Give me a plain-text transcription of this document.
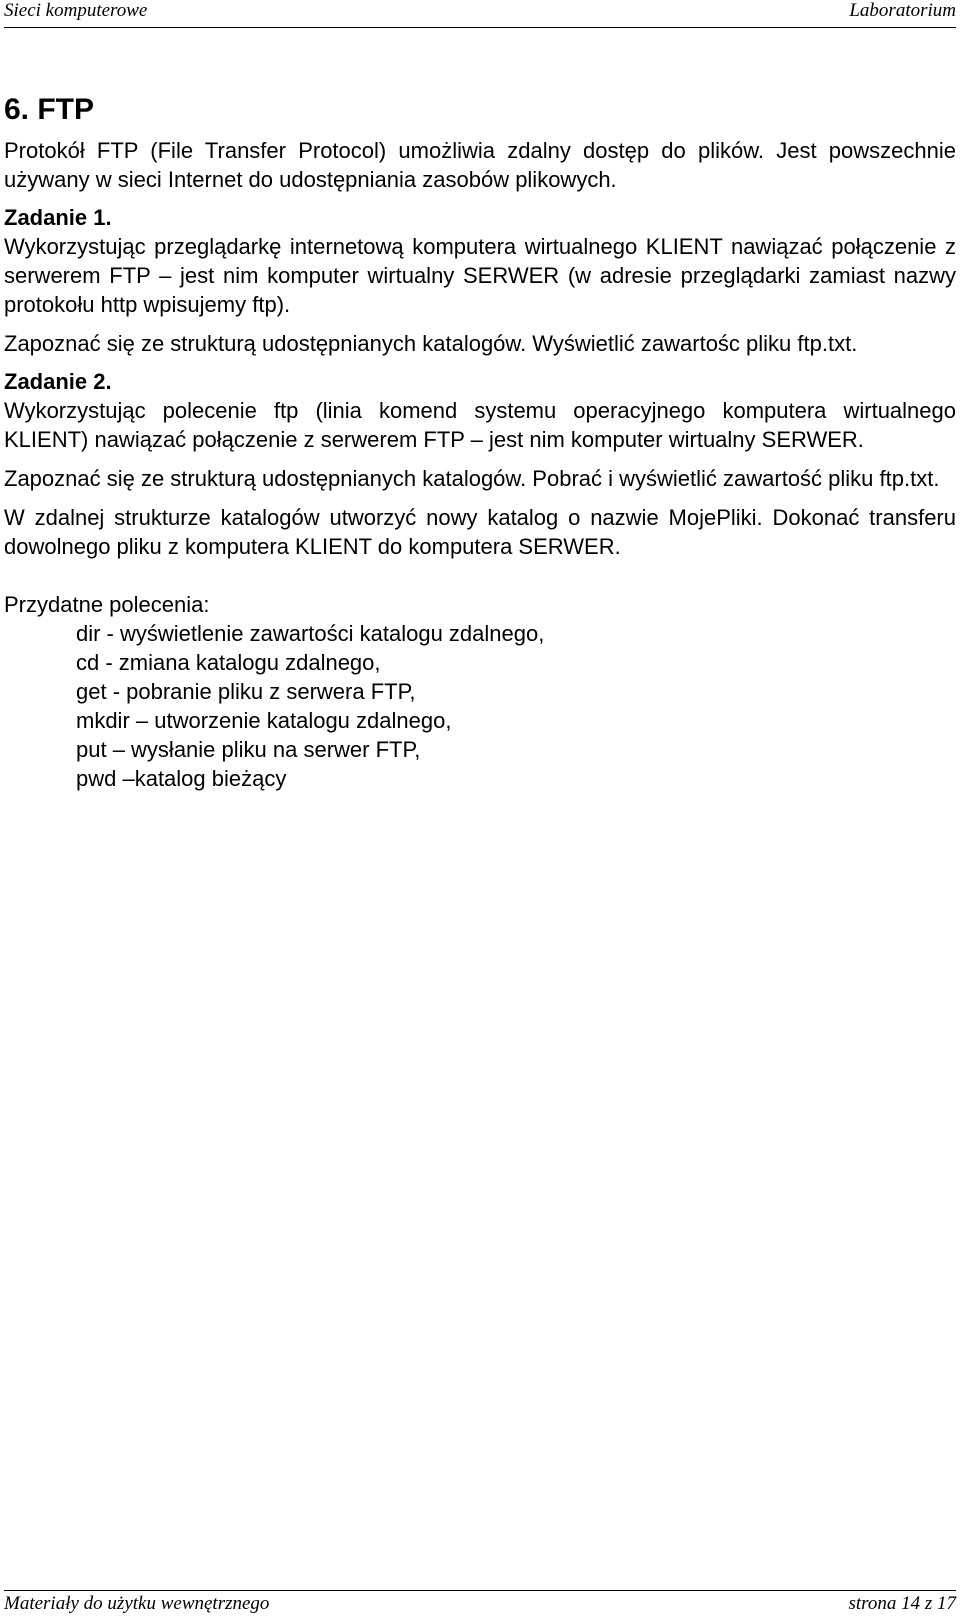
Sieci komputerowe	Laboratorium
6. FTP

Protokół FTP (File Transfer Protocol) umożliwia zdalny dostęp do plików. Jest powszechnie używany w sieci Internet do udostępniania zasobów plikowych.

Zadanie 1.

Wykorzystując przeglądarkę internetową komputera wirtualnego KLIENT nawiązać połączenie z serwerem FTP – jest nim komputer wirtualny SERWER (w adresie przeglądarki zamiast nazwy protokołu http wpisujemy ftp).

Zapoznać się ze strukturą udostępnianych katalogów. Wyświetlić zawartośc pliku ftp.txt.

Zadanie 2.

Wykorzystując polecenie ftp (linia komend systemu operacyjnego komputera wirtualnego KLIENT) nawiązać połączenie z serwerem FTP – jest nim komputer wirtualny SERWER.

Zapoznać się ze strukturą udostępnianych katalogów. Pobrać i wyświetlić zawartość pliku ftp.txt.

W zdalnej strukturze katalogów utworzyć nowy katalog o nazwie MojePliki. Dokonać transferu dowolnego pliku z komputera KLIENT do komputera SERWER.

Przydatne polecenia:

dir - wyświetlenie zawartości katalogu zdalnego,
cd - zmiana katalogu zdalnego,
get - pobranie pliku z serwera FTP,
mkdir – utworzenie katalogu zdalnego,
put – wysłanie pliku na serwer FTP,
pwd –katalog bieżący
Materiały do użytku wewnętrznego	strona 14 z 17
